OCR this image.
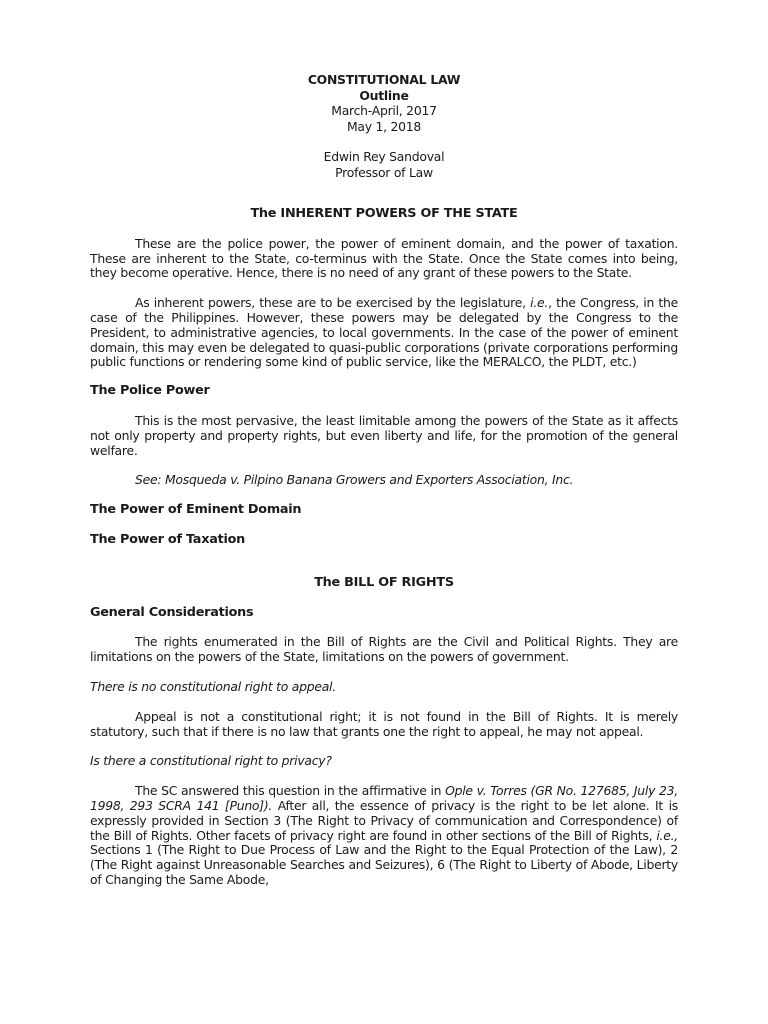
CONSTITUTIONAL LAW

Outline

March-April, 2017

May 1, 2018

Edwin Rey Sandoval

Professor of Law

The INHERENT POWERS OF THE STATE

These are the police power, the power of eminent domain, and the power of taxation. These are inherent to the State, co-terminus with the State. Once the State comes into being, they become operative. Hence, there is no need of any grant of these powers to the State.

As inherent powers, these are to be exercised by the legislature, i.e., the Congress, in the case of the Philippines. However, these powers may be delegated by the Congress to the President, to administrative agencies, to local governments. In the case of the power of eminent domain, this may even be delegated to quasi-public corporations (private corporations performing public functions or rendering some kind of public service, like the MERALCO, the PLDT, etc.)

The Police Power

This is the most pervasive, the least limitable among the powers of the State as it affects not only property and property rights, but even liberty and life, for the promotion of the general welfare.

See: Mosqueda v. Pilpino Banana Growers and Exporters Association, Inc.

The Power of Eminent Domain

The Power of Taxation

The BILL OF RIGHTS

General Considerations

The rights enumerated in the Bill of Rights are the Civil and Political Rights. They are limitations on the powers of the State, limitations on the powers of government.

There is no constitutional right to appeal.

Appeal is not a constitutional right; it is not found in the Bill of Rights. It is merely statutory, such that if there is no law that grants one the right to appeal, he may not appeal.

Is there a constitutional right to privacy?

The SC answered this question in the affirmative in Ople v. Torres (GR No. 127685, July 23, 1998, 293 SCRA 141 [Puno]). After all, the essence of privacy is the right to be let alone. It is expressly provided in Section 3 (The Right to Privacy of communication and Correspondence) of the Bill of Rights. Other facets of privacy right are found in other sections of the Bill of Rights, i.e., Sections 1 (The Right to Due Process of Law and the Right to the Equal Protection of the Law), 2 (The Right against Unreasonable Searches and Seizures), 6 (The Right to Liberty of Abode, Liberty of Changing the Same Abode,
